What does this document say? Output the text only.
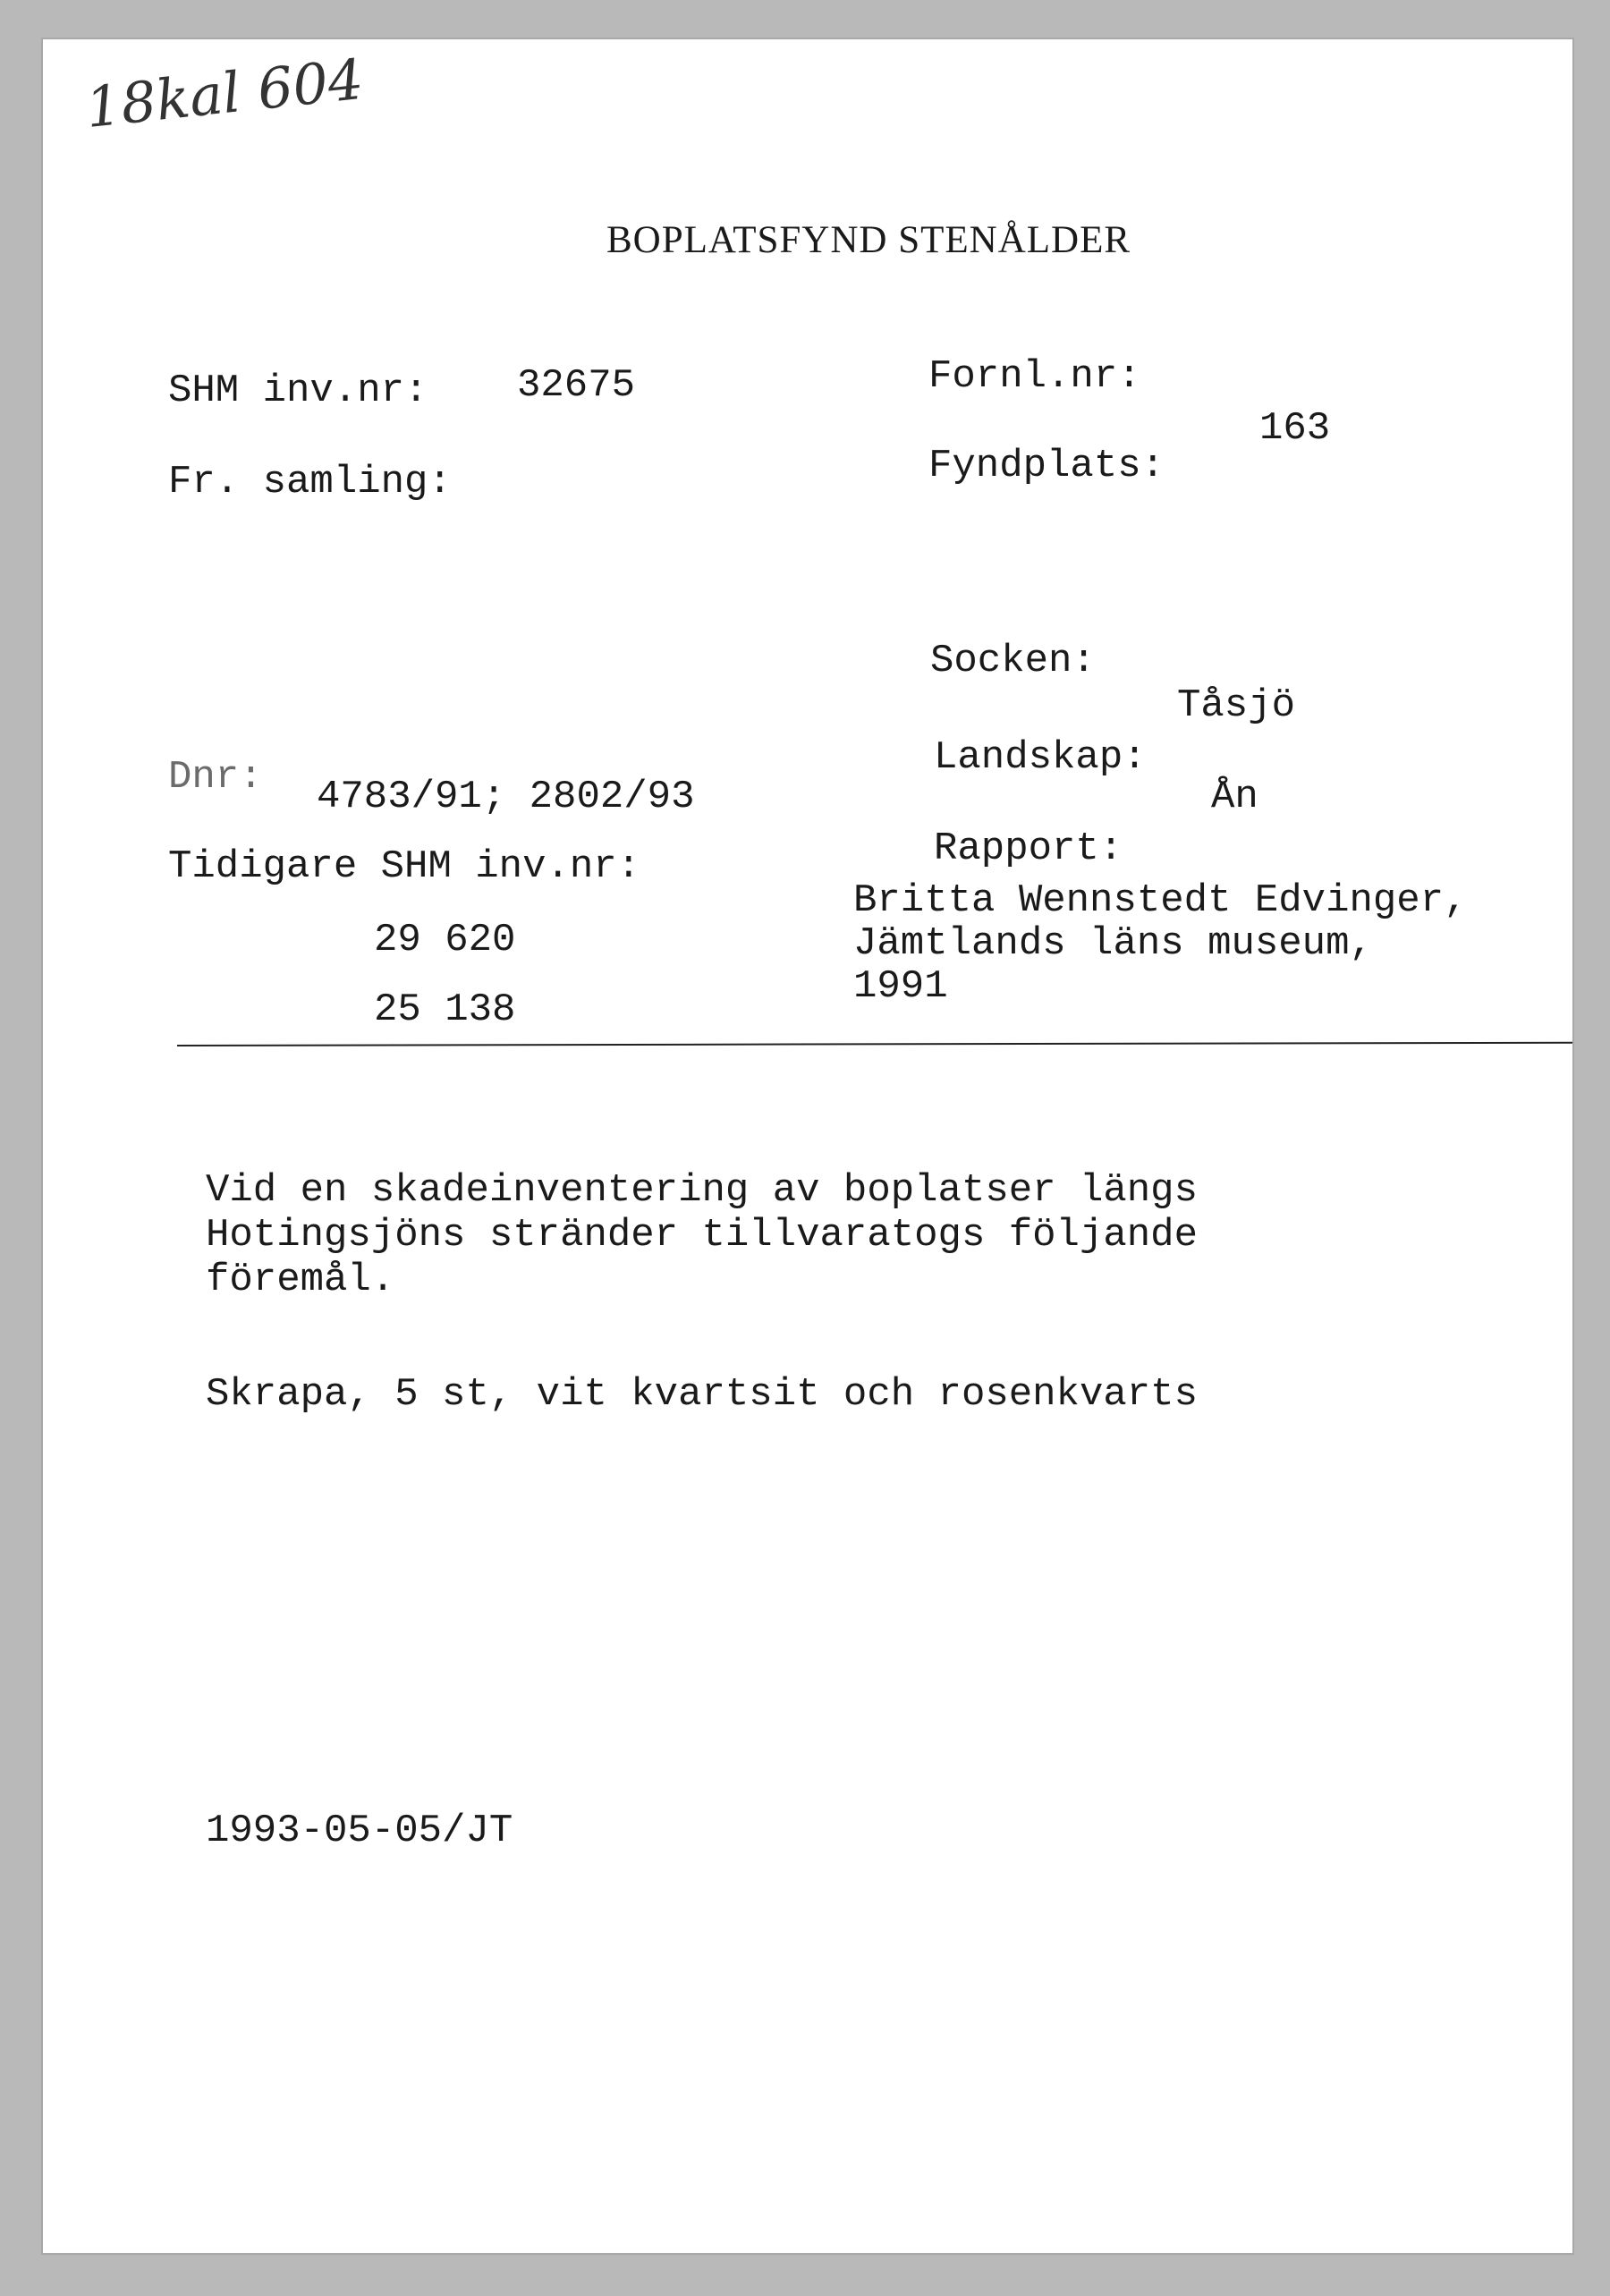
18kal 604
BOPLATSFYND STENÅLDER
SHM inv.nr: 32675
Fr. samling:
Dnr: 4783/91; 2802/93
Tidigare SHM inv.nr:
29 620
25 138
Fornl.nr:
163
Fyndplats:
Socken:
Tåsjö
Landskap:
Ån
Rapport:
Britta Wennstedt Edvinger,
Jämtlands läns museum,
1991
Vid en skadeinventering av boplatser längs
Hotingsjöns stränder tillvaratogs följande
föremål.
Skrapa, 5 st, vit kvartsit och rosenkvarts
1993-05-05/JT
